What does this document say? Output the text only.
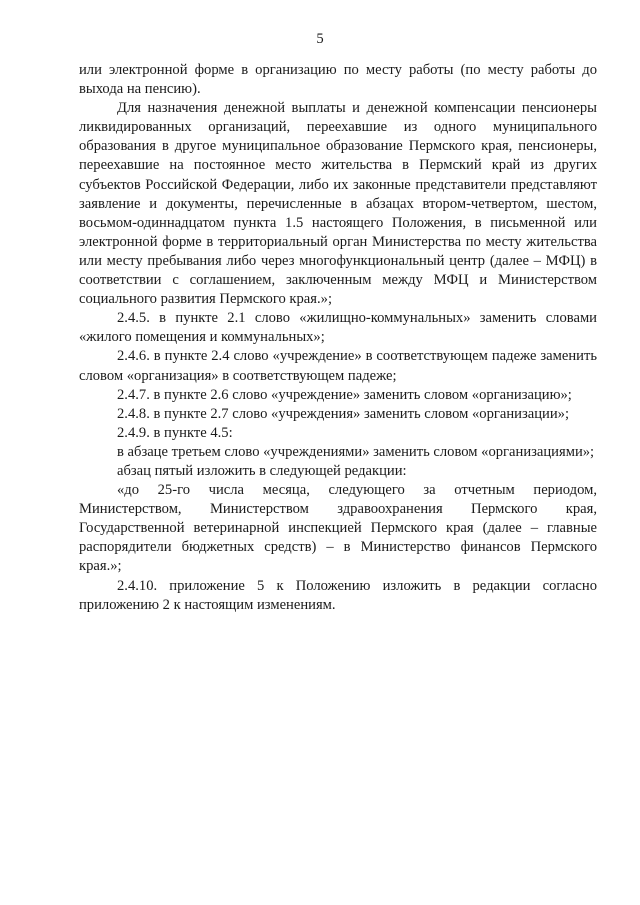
5

или электронной форме в организацию по месту работы (по месту работы до выхода на пенсию).

Для назначения денежной выплаты и денежной компенсации пенсионеры ликвидированных организаций, переехавшие из одного муниципального образования в другое муниципальное образование Пермского края, пенсионеры, переехавшие на постоянное место жительства в Пермский край из других субъектов Российской Федерации, либо их законные представители представляют заявление и документы, перечисленные в абзацах втором-четвертом, шестом, восьмом-одиннадцатом пункта 1.5 настоящего Положения, в письменной или электронной форме в территориальный орган Министерства по месту жительства или месту пребывания либо через многофункциональный центр (далее – МФЦ) в соответствии с соглашением, заключенным между МФЦ и Министерством социального развития Пермского края.»;

2.4.5. в пункте 2.1 слово «жилищно-коммунальных» заменить словами «жилого помещения и коммунальных»;

2.4.6. в пункте 2.4 слово «учреждение» в соответствующем падеже заменить словом «организация» в соответствующем падеже;

2.4.7. в пункте 2.6 слово «учреждение» заменить словом «организацию»;

2.4.8. в пункте 2.7 слово «учреждения» заменить словом «организации»;

2.4.9. в пункте 4.5:

в абзаце третьем слово «учреждениями» заменить словом «организациями»;

абзац пятый изложить в следующей редакции:

«до 25-го числа месяца, следующего за отчетным периодом, Министерством, Министерством здравоохранения Пермского края, Государственной ветеринарной инспекцией Пермского края (далее – главные распорядители бюджетных средств) – в Министерство финансов Пермского края.»;

2.4.10. приложение 5 к Положению изложить в редакции согласно приложению 2 к настоящим изменениям.
